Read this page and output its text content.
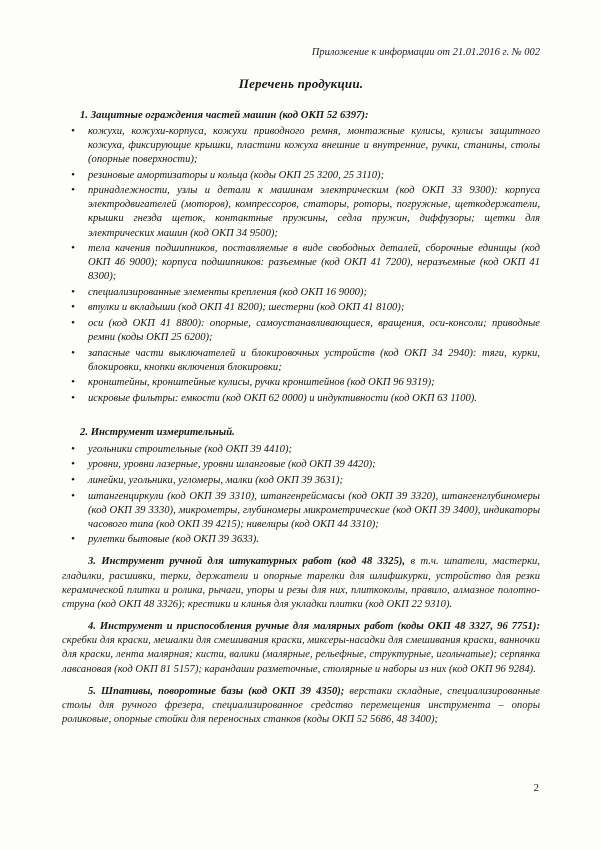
Приложение к информации от 21.01.2016 г. № 002
Перечень продукции.
1. Защитные ограждения частей машин (код ОКП 52 6397):
• кожухи, кожухи-корпуса, кожухи приводного ремня, монтажные кулисы, кулисы защитного кожуха, фиксирующие крышки, пластини кожуха внешние и внутренние, ручки, станины, столы (опорные поверхности);
• резиновые амортизаторы и кольца (коды ОКП 25 3200, 25 3110);
• принадлежности, узлы и детали к машинам электрическим (код ОКП 33 9300): корпуса электродвигателей (моторов), компрессоров, статоры, роторы, погружные, щеткодержатели, крышки гнезда щеток, контактные пружины, седла пружин, диффузоры; щетки для электрических машин (код ОКП 34 9500);
• тела качения подшипников, поставляемые в виде свободных деталей, сборочные единицы (код ОКП 46 9000); корпуса подшипников: разъемные (код ОКП 41 7200), неразъемные (код ОКП 41 8300);
• специализированные элементы крепления (код ОКП 16 9000);
• втулки и вкладыши (код ОКП 41 8200); шестерни (код ОКП 41 8100);
• оси (код ОКП 41 8800): опорные, самоустанавливающиеся, вращения, оси-консоли; приводные ремни (коды ОКП 25 6200);
• запасные части выключателей и блокировочных устройств (код ОКП 34 2940): тяги, курки, блокировки, кнопки включения блокировки;
• кронштейны, кронштейные кулисы, ручки кронштейнов (код ОКП 96 9319);
• искровые фильтры: емкости (код ОКП 62 0000) и индуктивности (код ОКП 63 1100).
2. Инструмент измерительный.
• угольники строительные (код ОКП 39 4410);
• уровни, уровни лазерные, уровни шланговые (код ОКП 39 4420);
• линейки, угольники, угломеры, малки (код ОКП 39 3631);
• штангенциркули (код ОКП 39 3310), штангенрейсмасы (код ОКП 39 3320), штангенглубиномеры (код ОКП 39 3330), микрометры, глубиномеры микрометрические (код ОКП 39 3400), индикаторы часового типа (код ОКП 39 4215); нивелиры (код ОКП 44 3310);
• рулетки бытовые (код ОКП 39 3633).

3. Инструмент ручной для штукатурных работ (код 48 3325), в т.ч. шпатели, мастерки, гладилки, расшивки, терки, держатели и опорные тарелки для шлифшкурки, устройство для резки керамической плитки и ролика, рычаги, упоры и резы для них, плиткоколы, правило, алмазное полотно-струна (код ОКП 48 3326); крестики и клинья для укладки плитки (код ОКП 22 9310).

4. Инструмент и приспособления ручные для малярных работ (коды ОКП 48 3327, 96 7751): скребки для краски, мешалки для смешивания краски, миксеры-насадки для смешивания краски, ванночки для краски, лента малярная; кисти, валики (малярные, рельефные, структурные, игольчатые); серпянка лавсановая (код ОКП 81 5157); карандаши разметочные, столярные и наборы из них (код ОКП 96 9284).

5. Шпативы, поворотные базы (код ОКП 39 4350); верстаки складные, специализированные столы для ручного фрезера, специализированное средство перемещения инструмента – опоры роликовые, опорные стойки для переносных станков (коды ОКП 52 5686, 48 3400);

2
